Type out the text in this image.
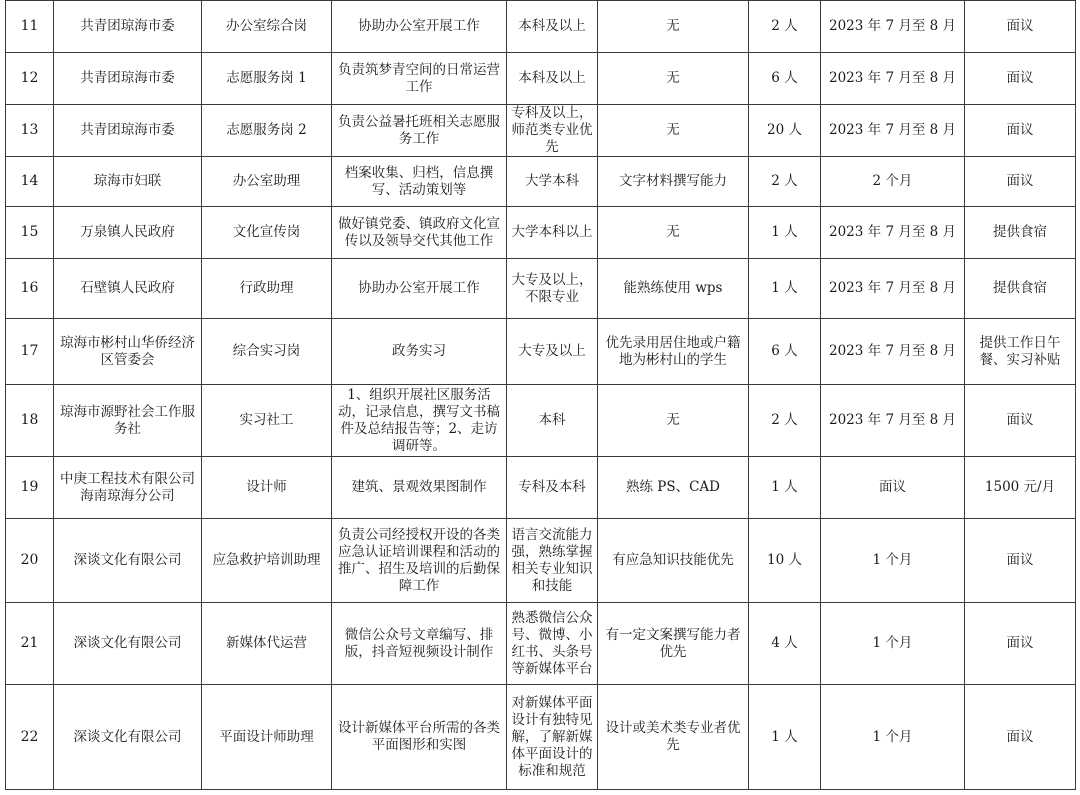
11	共青团琼海市委	办公室综合岗	协助办公室开展工作	本科及以上	无	2 人	2023 年 7 月至 8 月	面议
12	共青团琼海市委	志愿服务岗 1	负责筑梦青空间的日常运营工作	本科及以上	无	6 人	2023 年 7 月至 8 月	面议
13	共青团琼海市委	志愿服务岗 2	负责公益暑托班相关志愿服务工作	专科及以上，师范类专业优先	无	20 人	2023 年 7 月至 8 月	面议
14	琼海市妇联	办公室助理	档案收集、归档，信息撰写、活动策划等	大学本科	文字材料撰写能力	2 人	2 个月	面议
15	万泉镇人民政府	文化宣传岗	做好镇党委、镇政府文化宣传以及领导交代其他工作	大学本科以上	无	1 人	2023 年 7 月至 8 月	提供食宿
16	石壁镇人民政府	行政助理	协助办公室开展工作	大专及以上，不限专业	能熟练使用 wps	1 人	2023 年 7 月至 8 月	提供食宿
17	琼海市彬村山华侨经济区管委会	综合实习岗	政务实习	大专及以上	优先录用居住地或户籍地为彬村山的学生	6 人	2023 年 7 月至 8 月	提供工作日午餐、实习补贴
18	琼海市源野社会工作服务社	实习社工	1、组织开展社区服务活动，记录信息，撰写文书稿件及总结报告等；2、走访调研等。	本科	无	2 人	2023 年 7 月至 8 月	面议
19	中庚工程技术有限公司海南琼海分公司	设计师	建筑、景观效果图制作	专科及本科	熟练 PS、CAD	1 人	面议	1500 元/月
20	深谈文化有限公司	应急救护培训助理	负责公司经授权开设的各类应急认证培训课程和活动的推广、招生及培训的后勤保障工作	语言交流能力强，熟练掌握相关专业知识和技能	有应急知识技能优先	10 人	1 个月	面议
21	深谈文化有限公司	新媒体代运营	微信公众号文章编写、排版，抖音短视频设计制作	熟悉微信公众号、微博、小红书、头条号等新媒体平台	有一定文案撰写能力者优先	4 人	1 个月	面议
22	深谈文化有限公司	平面设计师助理	设计新媒体平台所需的各类平面图形和实图	对新媒体平面设计有独特见解，了解新媒体平面设计的标准和规范	设计或美术类专业者优先	1 人	1 个月	面议
